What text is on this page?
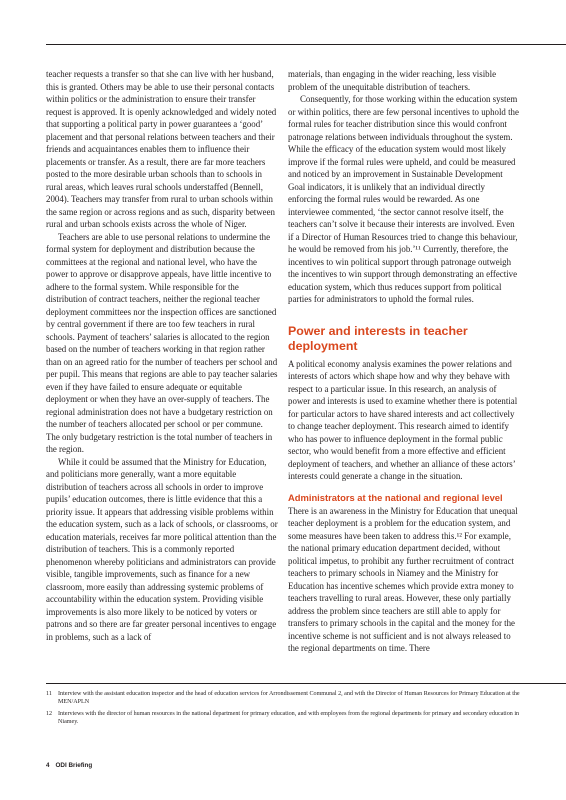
teacher requests a transfer so that she can live with her husband, this is granted. Others may be able to use their personal contacts within politics or the administration to ensure their transfer request is approved. It is openly acknowledged and widely noted that supporting a political party in power guarantees a ‘good’ placement and that personal relations between teachers and their friends and acquaintances enables them to influence their placements or transfer. As a result, there are far more teachers posted to the more desirable urban schools than to schools in rural areas, which leaves rural schools understaffed (Bennell, 2004). Teachers may transfer from rural to urban schools within the same region or across regions and as such, disparity between rural and urban schools exists across the whole of Niger.

Teachers are able to use personal relations to undermine the formal system for deployment and distribution because the committees at the regional and national level, who have the power to approve or disapprove appeals, have little incentive to adhere to the formal system. While responsible for the distribution of contract teachers, neither the regional teacher deployment committees nor the inspection offices are sanctioned by central government if there are too few teachers in rural schools. Payment of teachers’ salaries is allocated to the region based on the number of teachers working in that region rather than on an agreed ratio for the number of teachers per school and per pupil. This means that regions are able to pay teacher salaries even if they have failed to ensure adequate or equitable deployment or when they have an over-supply of teachers. The regional administration does not have a budgetary restriction on the number of teachers allocated per school or per commune. The only budgetary restriction is the total number of teachers in the region.

While it could be assumed that the Ministry for Education, and politicians more generally, want a more equitable distribution of teachers across all schools in order to improve pupils’ education outcomes, there is little evidence that this a priority issue. It appears that addressing visible problems within the education system, such as a lack of schools, or classrooms, or education materials, receives far more political attention than the distribution of teachers. This is a commonly reported phenomenon whereby politicians and administrators can provide visible, tangible improvements, such as finance for a new classroom, more easily than addressing systemic problems of accountability within the education system. Providing visible improvements is also more likely to be noticed by voters or patrons and so there are far greater personal incentives to engage in problems, such as a lack of

materials, than engaging in the wider reaching, less visible problem of the unequitable distribution of teachers.

Consequently, for those working within the education system or within politics, there are few personal incentives to uphold the formal rules for teacher distribution since this would confront patronage relations between individuals throughout the system. While the efficacy of the education system would most likely improve if the formal rules were upheld, and could be measured and noticed by an improvement in Sustainable Development Goal indicators, it is unlikely that an individual directly enforcing the formal rules would be rewarded. As one interviewee commented, ‘the sector cannot resolve itself, the teachers can’t solve it because their interests are involved. Even if a Director of Human Resources tried to change this behaviour, he would be removed from his job.’¹¹ Currently, therefore, the incentives to win political support through patronage outweigh the incentives to win support through demonstrating an effective education system, which thus reduces support from political parties for administrators to uphold the formal rules.

Power and interests in teacher deployment

A political economy analysis examines the power relations and interests of actors which shape how and why they behave with respect to a particular issue. In this research, an analysis of power and interests is used to examine whether there is potential for particular actors to have shared interests and act collectively to change teacher deployment. This research aimed to identify who has power to influence deployment in the formal public sector, who would benefit from a more effective and efficient deployment of teachers, and whether an alliance of these actors’ interests could generate a change in the situation.

Administrators at the national and regional level

There is an awareness in the Ministry for Education that unequal teacher deployment is a problem for the education system, and some measures have been taken to address this.¹² For example, the national primary education department decided, without political impetus, to prohibit any further recruitment of contract teachers to primary schools in Niamey and the Ministry for Education has incentive schemes which provide extra money to teachers travelling to rural areas. However, these only partially address the problem since teachers are still able to apply for transfers to primary schools in the capital and the money for the incentive scheme is not sufficient and is not always released to the regional departments on time. There

11	Interview with the assistant education inspector and the head of education services for Arrondissement Communal 2, and with the Director of Human Resources for Primary Education at the MEN/APLN
12 Interviews with the director of human resources in the national department for primary education, and with employees from the regional departments for primary and secondary education in Niamey.
4 ODI Briefing
